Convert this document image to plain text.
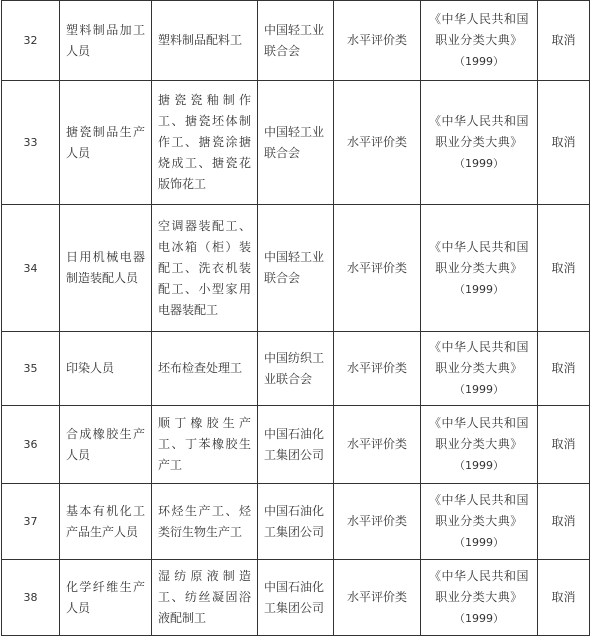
32	塑料制品加工人员	塑料制品配料工	中国轻工业联合会	水平评价类	《中华人民共和国
职业分类大典》
（1999）	取消
33	搪瓷制品生产人员	搪瓷瓷釉制作工、搪瓷坯体制作工、搪瓷涂搪烧成工、搪瓷花版饰花工	中国轻工业联合会	水平评价类	《中华人民共和国
职业分类大典》
（1999）	取消
34	日用机械电器制造装配人员	空调器装配工、电冰箱（柜）装配工、洗衣机装配工、小型家用电器装配工	中国轻工业联合会	水平评价类	《中华人民共和国
职业分类大典》
（1999）	取消
35	印染人员	坯布检查处理工	中国纺织工业联合会	水平评价类	《中华人民共和国
职业分类大典》
（1999）	取消
36	合成橡胶生产人员	顺丁橡胶生产工、丁苯橡胶生产工	中国石油化工集团公司	水平评价类	《中华人民共和国
职业分类大典》
（1999）	取消
37	基本有机化工产品生产人员	环烃生产工、烃类衍生物生产工	中国石油化工集团公司	水平评价类	《中华人民共和国
职业分类大典》
（1999）	取消
38	化学纤维生产人员	湿纺原液制造工、纺丝凝固浴液配制工	中国石油化工集团公司	水平评价类	《中华人民共和国
职业分类大典》
（1999）	取消
